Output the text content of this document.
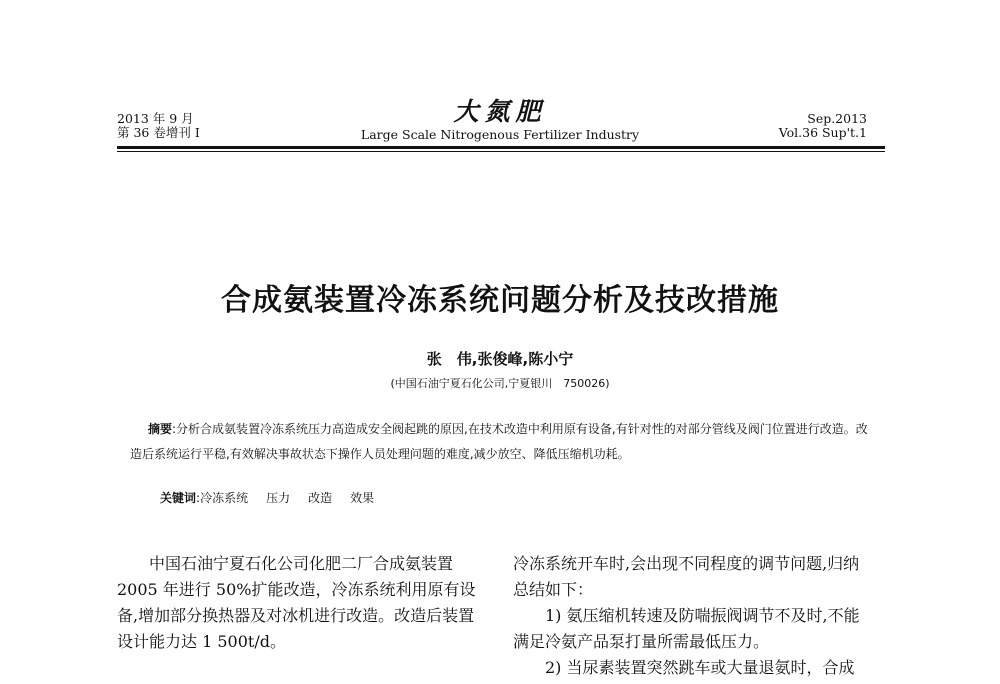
2013 年 9 月
第 36 卷增刊 I
大氮肥
Large Scale Nitrogenous Fertilizer Industry
Sep.2013
Vol.36 Sup't.1
合成氨装置冷冻系统问题分析及技改措施
张　伟,张俊峰,陈小宁
(中国石油宁夏石化公司,宁夏银川　750026)
摘要:分析合成氨装置冷冻系统压力高造成安全阀起跳的原因,在技术改造中利用原有设备,有针对性的对部分管线及阀门位置进行改造。改造后系统运行平稳,有效解决事故状态下操作人员处理问题的难度,减少放空、降低压缩机功耗。
关键词:冷冻系统 压力 改造 效果
中国石油宁夏石化公司化肥二厂合成氨装置2005 年进行 50%扩能改造，冷冻系统利用原有设备,增加部分换热器及对冰机进行改造。改造后装置设计能力达 1 500t/d。

冷冻系统开车时,会出现不同程度的调节问题,归纳总结如下：

1) 氨压缩机转速及防喘振阀调节不及时,不能满足冷氨产品泵打量所需最低压力。

2) 当尿素装置突然跳车或大量退氨时，合成
